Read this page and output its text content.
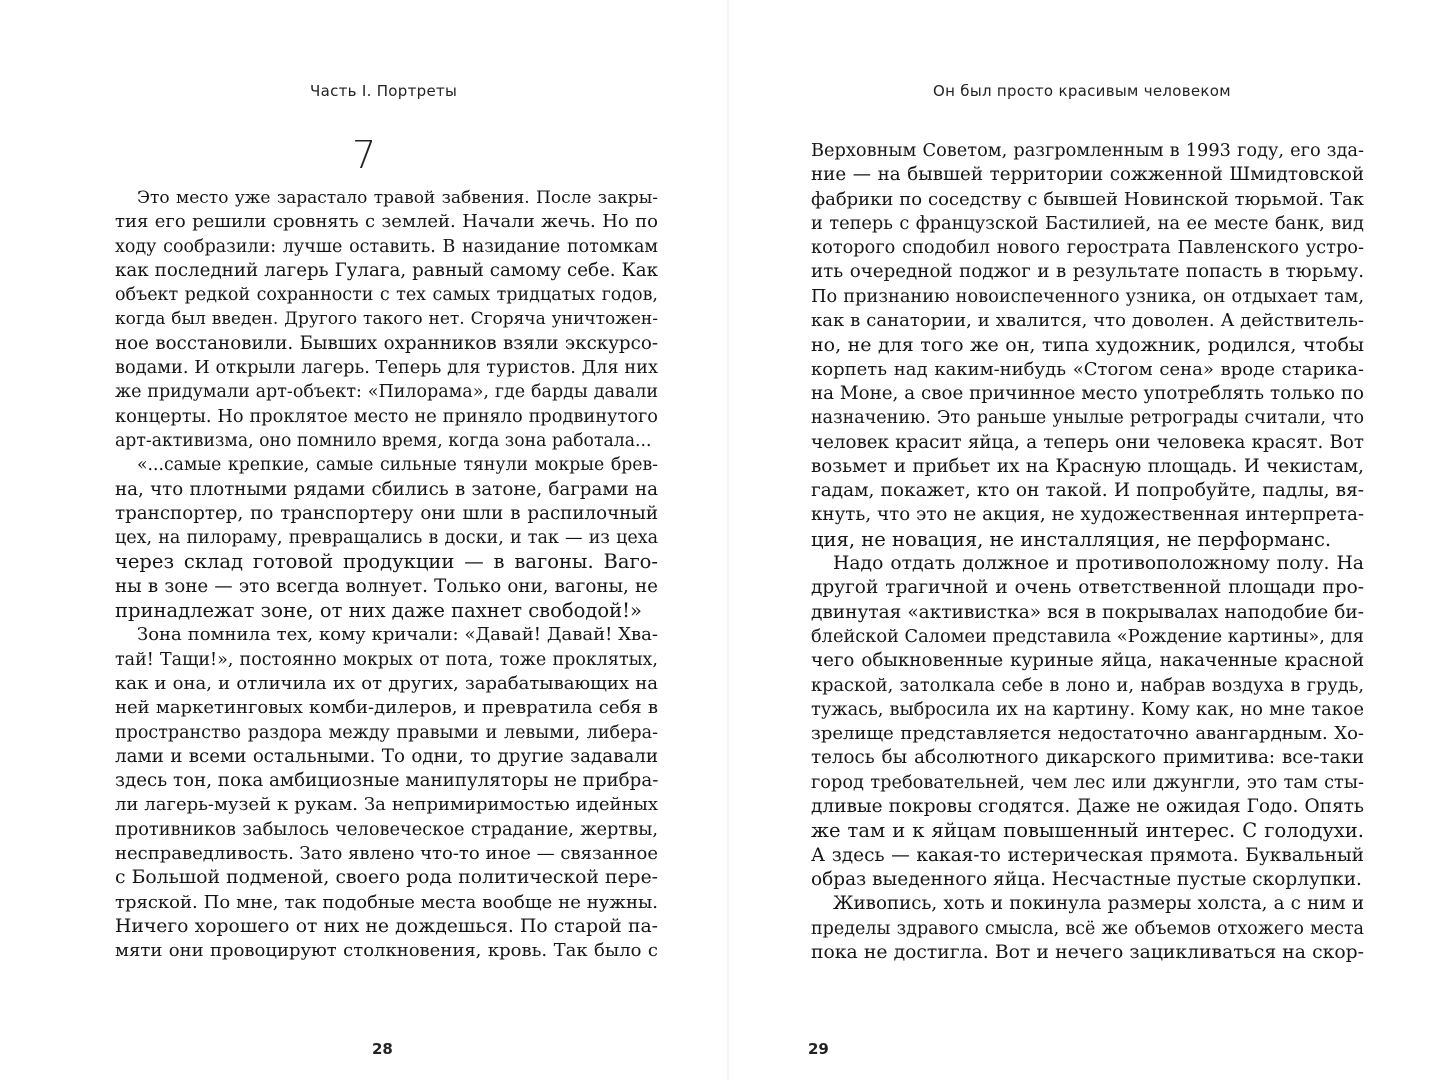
Часть I. Портреты
7
Это место уже зарастало травой забвения. После закры-
тия его решили сровнять с землей. Начали жечь. Но по
ходу сообразили: лучше оставить. В назидание потомкам
как последний лагерь Гулага, равный самому себе. Как
объект редкой сохранности с тех самых тридцатых годов,
когда был введен. Другого такого нет. Сгоряча уничтожен-
ное восстановили. Бывших охранников взяли экскурсо-
водами. И открыли лагерь. Теперь для туристов. Для них
же придумали арт-объект: «Пилорама», где барды давали
концерты. Но проклятое место не приняло продвинутого
арт-активизма, оно помнило время, когда зона работала...
«...самые крепкие, самые сильные тянули мокрые брев-
на, что плотными рядами сбились в затоне, баграми на
транспортер, по транспортеру они шли в распилочный
цех, на пилораму, превращались в доски, и так — из цеха
через склад готовой продукции — в вагоны. Ваго-
ны в зоне — это всегда волнует. Только они, вагоны, не
принадлежат зоне, от них даже пахнет свободой!»
Зона помнила тех, кому кричали: «Давай! Давай! Хва-
тай! Тащи!», постоянно мокрых от пота, тоже проклятых,
как и она, и отличила их от других, зарабатывающих на
ней маркетинговых комби-дилеров, и превратила себя в
пространство раздора между правыми и левыми, либера-
лами и всеми остальными. То одни, то другие задавали
здесь тон, пока амбициозные манипуляторы не прибра-
ли лагерь-музей к рукам. За непримиримостью идейных
противников забылось человеческое страдание, жертвы,
несправедливость. Зато явлено что-то иное — связанное
с Большой подменой, своего рода политической пере-
тряской. По мне, так подобные места вообще не нужны.
Ничего хорошего от них не дождешься. По старой па-
мяти они провоцируют столкновения, кровь. Так было с
28
Он был просто красивым человеком
Верховным Советом, разгромленным в 1993 году, его зда-
ние — на бывшей территории сожженной Шмидтовской
фабрики по соседству с бывшей Новинской тюрьмой. Так
и теперь с французской Бастилией, на ее месте банк, вид
которого сподобил нового герострата Павленского устро-
ить очередной поджог и в результате попасть в тюрьму.
По признанию новоиспеченного узника, он отдыхает там,
как в санатории, и хвалится, что доволен. А действитель-
но, не для того же он, типа художник, родился, чтобы
корпеть над каким-нибудь «Стогом сена» вроде старика-
на Моне, а свое причинное место употреблять только по
назначению. Это раньше унылые ретрограды считали, что
человек красит яйца, а теперь они человека красят. Вот
возьмет и прибьет их на Красную площадь. И чекистам,
гадам, покажет, кто он такой. И попробуйте, падлы, вя-
кнуть, что это не акция, не художественная интерпрета-
ция, не новация, не инсталляция, не перформанс.
Надо отдать должное и противоположному полу. На
другой трагичной и очень ответственной площади про-
двинутая «активистка» вся в покрывалах наподобие би-
блейской Саломеи представила «Рождение картины», для
чего обыкновенные куриные яйца, накаченные красной
краской, затолкала себе в лоно и, набрав воздуха в грудь,
тужась, выбросила их на картину. Кому как, но мне такое
зрелище представляется недостаточно авангардным. Хо-
телось бы абсолютного дикарского примитива: все-таки
город требовательней, чем лес или джунгли, это там сты-
дливые покровы сгодятся. Даже не ожидая Годо. Опять
же там и к яйцам повышенный интерес. С голодухи.
А здесь — какая-то истерическая прямота. Буквальный
образ выеденного яйца. Несчастные пустые скорлупки.
Живопись, хоть и покинула размеры холста, а с ним и
пределы здравого смысла, всё же объемов отхожего места
пока не достигла. Вот и нечего зацикливаться на скор-
29
